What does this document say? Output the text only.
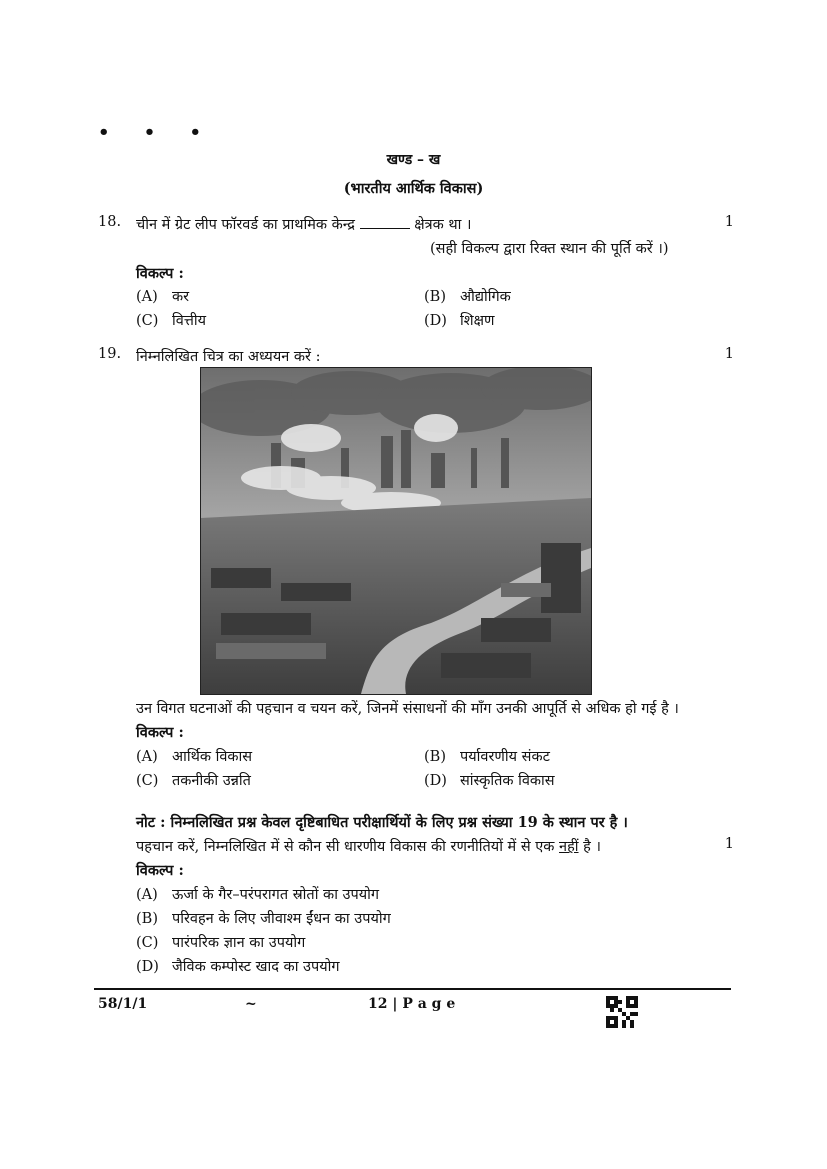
• • •
खण्ड – ख
(भारतीय आर्थिक विकास)
18. चीन में ग्रेट लीप फॉरवर्ड का प्राथमिक केन्द्र	क्षेत्रक था ।	1
(सही विकल्प द्वारा रिक्त स्थान की पूर्ति करें ।)
विकल्प :
(A) कर	(B) औद्योगिक
(C) वित्तीय	(D) शिक्षण
19. निम्नलिखित चित्र का अध्ययन करें :	1
उन विगत घटनाओं की पहचान व चयन करें, जिनमें संसाधनों की माँग उनकी आपूर्ति से अधिक हो गई है ।
विकल्प :
(A) आर्थिक विकास	(B) पर्यावरणीय संकट
(C) तकनीकी उन्नति	(D) सांस्कृतिक विकास
नोट : निम्नलिखित प्रश्न केवल दृष्टिबाधित परीक्षार्थियों के लिए प्रश्न संख्या 19 के स्थान पर है ।
पहचान करें, निम्नलिखित में से कौन सी धारणीय विकास की रणनीतियों में से एक नहीं है ।	1
विकल्प :
(A) ऊर्जा के गैर–परंपरागत स्रोतों का उपयोग
(B) परिवहन के लिए जीवाश्म ईंधन का उपयोग
(C) पारंपरिक ज्ञान का उपयोग
(D) जैविक कम्पोस्ट खाद का उपयोग
58/1/1	~	12 | P a g e
